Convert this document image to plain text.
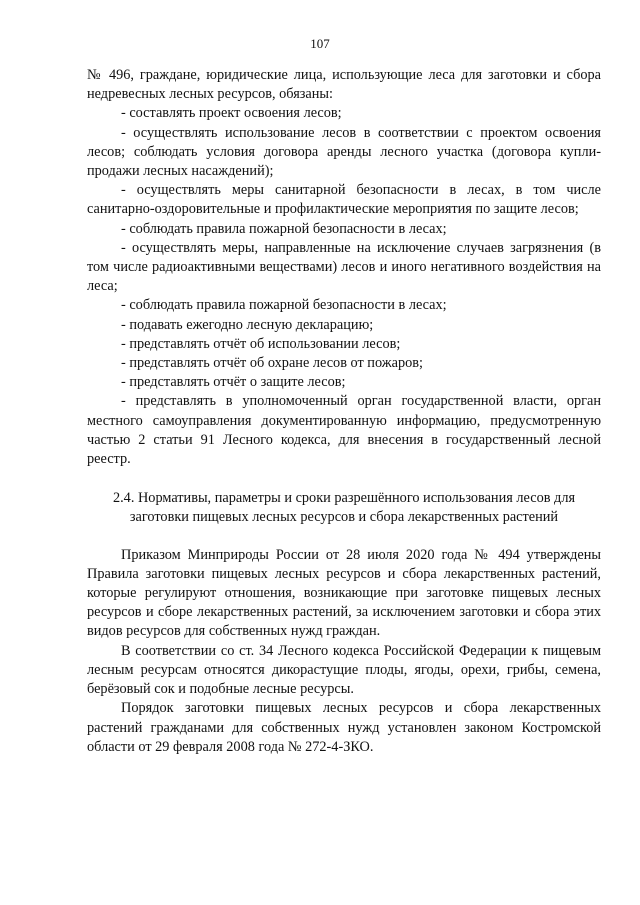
107

№ 496, граждане, юридические лица, использующие леса для заготовки и сбора недревесных лесных ресурсов, обязаны:

- составлять проект освоения лесов;

- осуществлять использование лесов в соответствии с проектом освоения лесов; соблюдать условия договора аренды лесного участка (договора купли-продажи лесных насаждений);

- осуществлять меры санитарной безопасности в лесах, в том числе санитарно-оздоровительные и профилактические мероприятия по защите лесов;

- соблюдать правила пожарной безопасности в лесах;

- осуществлять меры, направленные на исключение случаев загрязнения (в том числе радиоактивными веществами) лесов и иного негативного воздействия на леса;

- соблюдать правила пожарной безопасности в лесах;

- подавать ежегодно лесную декларацию;

- представлять отчёт об использовании лесов;

- представлять отчёт об охране лесов от пожаров;

- представлять отчёт о защите лесов;

- представлять в уполномоченный орган государственной власти, орган местного самоуправления документированную информацию, предусмотренную частью 2 статьи 91 Лесного кодекса, для внесения в государственный лесной реестр.

2.4. Нормативы, параметры и сроки разрешённого использования лесов для заготовки пищевых лесных ресурсов и сбора лекарственных растений

Приказом Минприроды России от 28 июля 2020 года № 494 утверждены Правила заготовки пищевых лесных ресурсов и сбора лекарственных растений, которые регулируют отношения, возникающие при заготовке пищевых лесных ресурсов и сборе лекарственных растений, за исключением заготовки и сбора этих видов ресурсов для собственных нужд граждан.

В соответствии со ст. 34 Лесного кодекса Российской Федерации к пищевым лесным ресурсам относятся дикорастущие плоды, ягоды, орехи, грибы, семена, берёзовый сок и подобные лесные ресурсы.

Порядок заготовки пищевых лесных ресурсов и сбора лекарственных растений гражданами для собственных нужд установлен законом Костромской области от 29 февраля 2008 года № 272-4-ЗКО.
